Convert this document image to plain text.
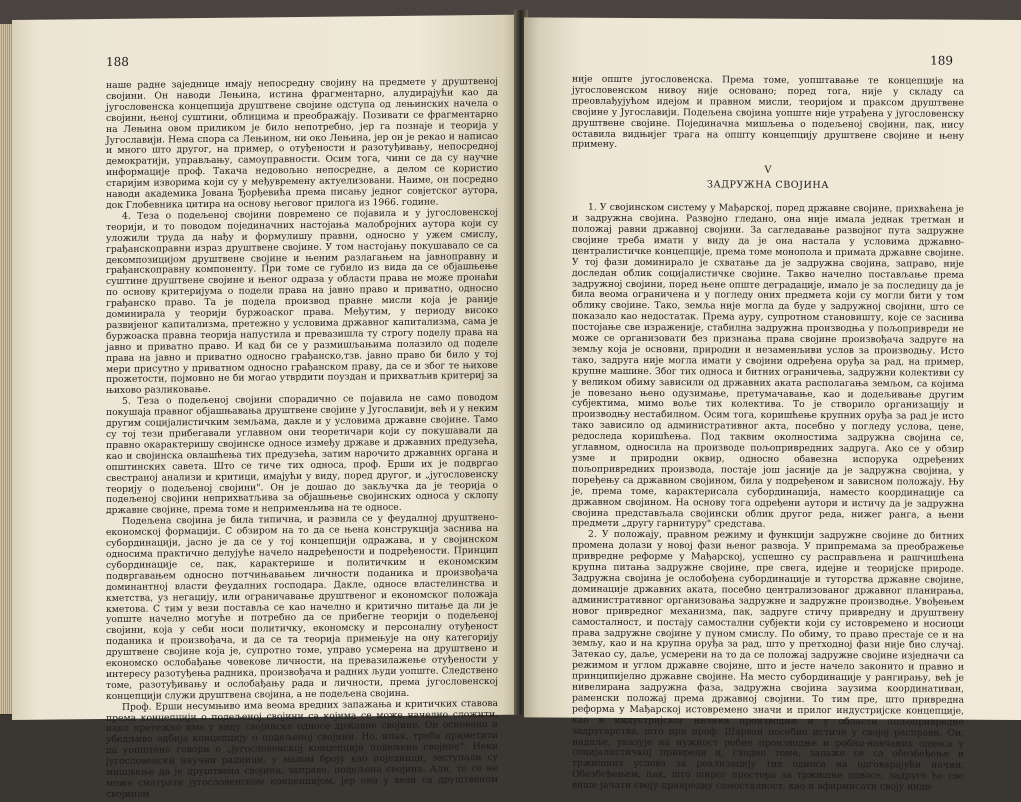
188

наше радне заједнице имају непосредну својину на предмете у друштвеној својини. Он наводи Лењина, истина фрагментарно, алудирајући као да југословенска концепција друштвене својине одступа од лењинских начела о својини, њеној суштини, облицима и преображају. Позивати се фрагментарно на Лењина овом приликом је било непотребно, јер га познаје и теорија у Југославији. Нема спора са Лењином, ни око Лењина, јер он је рекао и написао и много што другог, на пример, о отуђености и разотуђивању, непосредној демократији, управљању, самоуправности. Осим тога, чини се да су научне информације проф. Такача недовољно непосредне, а делом се користио старијим изворима који су у међувремену актуелизовани. Наиме, он посредно наводи академика Јована Ђорђевића према писању једног совјетског аутора, док Глобевника цитира на основу његовог прилога из 1966. године.

4. Теза о подељеној својини повремено се појавила и у југословенској теорији, и то поводом појединачних настојања малобројних аутора који су уложили труда да нађу и формулишу правни, односно у ужем смислу, грађанскоправни израз друштвене својине. У том настојању покушавало се са декомпозицијом друштвене својине и њеним разлагањем на јавноправну и грађанскоправну компоненту. При томе се губило из вида да се објашњење суштине друштвене својине и њеног одраза у области права не може пронаћи по основу критеријума о подели права на јавно право и приватно, односно грађанско право. Та је подела производ правне мисли која је раније доминирала у теорији буржоаског права. Међутим, у периоду високо развијеног капитализма, претежно у условима државног капитализма, сама је буржоаска правна теорија напустила и превазишла ту строгу поделу права на јавно и приватно право. И кад би се у размишљањима полазило од поделе права на јавно и приватно односно грађанско,тзв. јавно право би било у тој мери присутно у приватном односно грађанском праву, да се и због те њихове прожетости, појмовно не би могао утврдити поуздан и прихватљив критериј за њихово разликовање.

5. Теза о подељеној својини спорадично се појавила не само поводом покушаја правног објашњавања друштвене својине у Југославији, већ и у неким другим социјалистичким земљама, дакле и у условима државне својине. Тамо су тој тези прибегавали углавном они теоретичари који су покушавали да правно окарактеришу својинске односе између државе и државних предузећа, као и својинска овлашћења тих предузећа, затим нарочито државних органа и општинских савета. Што се тиче тих односа, проф. Ерши их је подвргао свестраној анализи и критици, имајући у виду, поред другог, и „југословенску теорију о подељеној својини". Он је дошао до закључка да је теорија о подељеној својини неприхватљива за објашњење својинских односа у склопу државне својине, према томе и неприменљива на те односе.

Подељена својина је била типична, и развила се у феудалној друштвено-економској формацији. С обзиром на то да се њена конструкција заснива на субординацији, јасно је да се у тој концепцији одражава, и у својинском односима практично делујуће начело надређености и подређености. Принцип субординације се, пак, карактерише и политичким и економским подвргавањем односно потчињавањем личности поданика и произвођача доминантној власти феудалних господара. Дакле, односе властелинства и кметства, уз негацију, или ограничавање друштвеног и економског положаја кметова. С тим у вези поставља се као начелно и критично питање да ли је уопште начелно могуће и потребно да се прибегне теорији о подељеној својини, која у себи носи политичку, економску и персоналну отуђеност поданика и произвођача, и да се та теорија примењује на ону категорију друштвене својине која је, супротно томе, управо усмерена на друштвено и економско ослобађање човекове личности, на превазилажење отуђености у интересу разотуђења радника, произвођача и радних људи уопште. Следствено томе, разотуђивању и ослобађању рада и личности, према југословенској концепцији служи друштвена својина, а не подељена својина.

Проф. Ерши несумњиво има веома вредних запажања и критичких ставова према концепцији о подељеној својини са којима се може начелно сложити, иако претежно има у виду својинске односе државне својине. Он основано и убедљиво одбија концепцију о подељеној својини. Но, ипак, треба приметити да уопштено говори о „југословенској концепцији подељене својине". Неки југословенски научни радници, у малом броју као појединци, заступали су мишљење да је друштвена својина, заправо, подељена својина. Али, то се не може сматрати југословенском концепцијом, јер она у вези са друштвеном својином

189

није опште југословенска. Према томе, уопштавање те концепције на југословенском нивоу није основано; поред тога, није у складу са преовлађујућом идејом и правном мисли, теоријом и праксом друштвене својине у Југославији. Подељена својина уопште није утрађена у југословенску друштвене својине. Појединачна мишљења о подељеној својини, пак, нису оставила видњијег трага на општу концепцију друштвене својине и њену примену.

V
ЗАДРУЖНА СВОЈИНА

1. У својинском систему у Мађарској, поред државне својине, прихваћена је и задружна својина. Развојно гледано, она није имала једнак третман и положај равни државној својини. За сагледавање развојног пута задружне својине треба имати у виду да је она настала у условима државно-централистичке концепције, према томе монопола и примата државне својине. У тој фази доминирало је схватање да је задружна својина, заправо, није доследан облик социјалистичке својине. Такво начелно постављање према задружној својини, поред њене опште деградације, имало је за последицу да је била веома ограничена и у погледу оних предмета који су могли бити у том облику својине. Тако, земља није могла да буде у задружној својини, што се показало као недостатак. Према ауру, супротном становишту, које се заснива постојање све израженије, стабилна задружна производња у пољопривреди не може се организовати без признања права својине произвођача задруге на земљу која је основни, природни и незаменљиви услов за производњу. Исто тако, задруга није могла имати у својини одређена оруђа за рад, на пример, крупне машине. Због тих односа и битних ограничења, задружни колективи су у великом обиму зависили од државних аката располагања земљом, са којима је повезано њено одузимање, претумачавање, као и додељивање другим субјектима, мимо воље тих колектива. То је створило организацију и производњу нестабилном. Осим тога, коришћење крупних оруђа за рад је исто тако зависило од административног акта, посебно у погледу услова, цене, редоследа коришћења. Под таквим околностима задружна својина се, углавном, односила на производе пољопривредних задруга. Ако се у обзир узме и природни оквир, односно обавезна испорука одређених пољопривредних производа, постаје још јасније да је задружна својина, у поређењу са државном својином, била у подређеном и зависном положају. Њу је, према томе, карактерисала субординација, наместо координације са државном својином. На основу тога одређени аутори и истичу да је задружна својина представљала својински облик другог реда, нижег ранга, а њени предмети „другу гарнитуру" средстава.

2. У положају, правном режиму и функцији задружне својине до битних промена долази у новој фази њеног развоја. У припремама за преображење привредне реформе у Мађарској, успешно су расправљена и рашчишћена крупна питања задружне својине, пре свега, идејне и теоријске природе. Задружна својина је ослобођена субординације и туторства државне својине, доминације државних аката, посебно централизованог државног планирања, административног организовања задружне и задружне производње. Увођењем новог привредног механизма, пак, задруге стичу привредну и друштвену самосталност, и постају самостални субјекти који су истовремено и носиоци права задружне својине у пуном смислу. По обиму, то право престаје се и на земљу, као и на крупна оруђа за рад, што у претходној фази није био случај. Затекао су, даље, усмерени на то да се положај задружне својине изједначи са режимом и углом државне својине, што и јесте начело законито и правно и принципијелно државне својине. На место субординације у рангирању, већ је нивелирана задружна фаза, задружна својина заузима координативан, раменски положај према државној својини. То тим пре, што привредна реформа у Мађарској истовремено значи и прилог индустријске концепције, као и индустријског начина производње и у области пољопривредне задругарства, што при проф. Шарван посебно истиче у својој расправи. Он, надаље, указује на нужност робне производње и робно-новчаних односа у социјалистичкој привреди и, сходно томе, залаже се са обезбеђење и тржишних услова за реализацију тих односа на одговарајући начин. Обезбеђењем, пак, што ширег простора за тржишне односе, задруге ће све више јачати своју привредну самосталност, као и афирмисати своју инди-
